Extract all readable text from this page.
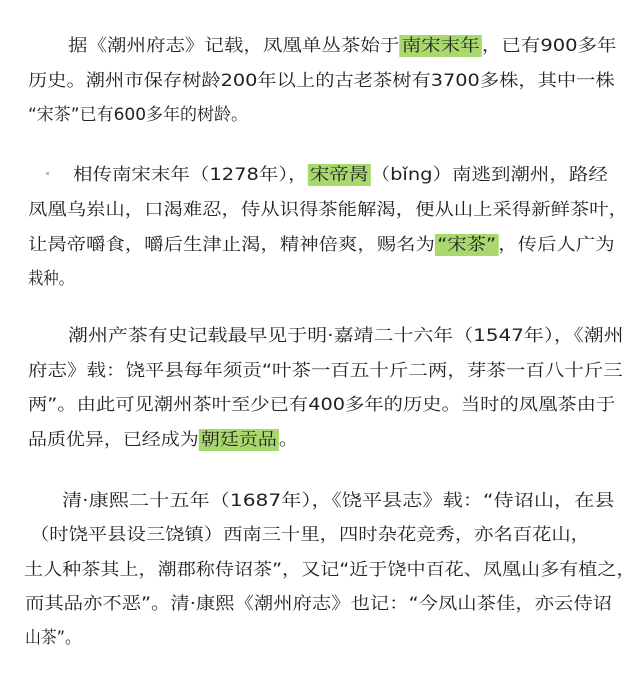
据《潮州府志》记载，凤凰单丛茶始于 南宋末年 ，已有900多年
历史。潮州市保存树龄200年以上的古老茶树有3700多株，其中一株
“宋茶”已有600多年的树龄。
相传南宋末年（1278年）， 宋帝昺 （bǐng）南逃到潮州，路经
凤凰乌岽山，口渴难忍，侍从识得茶能解渴，便从山上采得新鲜茶叶，
让昺帝嚼食，嚼后生津止渴，精神倍爽，赐名为 “宋茶” ，传后人广为
栽种。
潮州产茶有史记载最早见于明·嘉靖二十六年（1547年），《潮州
府志》载：饶平县每年须贡“叶茶一百五十斤二两，芽茶一百八十斤三
两”。由此可见潮州茶叶至少已有400多年的历史。当时的凤凰茶由于
品质优异，已经成为 朝廷贡品 。
清·康熙二十五年（1687年），《饶平县志》载：“侍诏山，在县
（时饶平县设三饶镇）西南三十里，四时杂花竞秀，亦名百花山，
土人种茶其上，潮郡称侍诏茶”，又记“近于饶中百花、凤凰山多有植之，
而其品亦不恶”。清·康熙《潮州府志》也记：“今凤山茶佳，亦云侍诏
山茶”。
